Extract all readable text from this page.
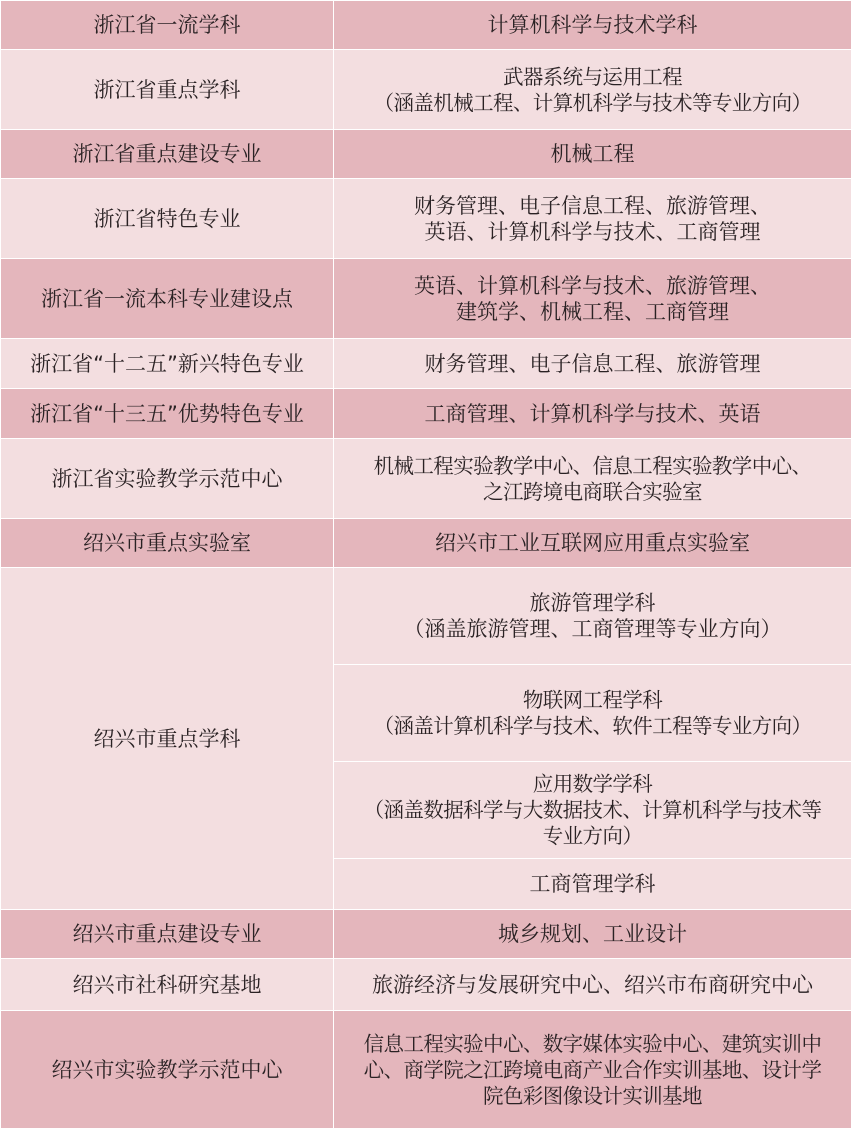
浙江省一流学科	计算机科学与技术学科

浙江省重点学科	武器系统与运用工程
（涵盖机械工程、计算机科学与技术等专业方向）

浙江省重点建设专业	机械工程

浙江省特色专业	财务管理、电子信息工程、旅游管理、
英语、计算机科学与技术、工商管理

浙江省一流本科专业建设点	英语、计算机科学与技术、旅游管理、
建筑学、机械工程、工商管理

浙江省“十二五”新兴特色专业	财务管理、电子信息工程、旅游管理

浙江省“十三五”优势特色专业	工商管理、计算机科学与技术、英语

浙江省实验教学示范中心	机械工程实验教学中心、信息工程实验教学中心、
之江跨境电商联合实验室

绍兴市重点实验室	绍兴市工业互联网应用重点实验室

绍兴市重点学科	旅游管理学科
（涵盖旅游管理、工商管理等专业方向）

	物联网工程学科
（涵盖计算机科学与技术、软件工程等专业方向）

	应用数学学科
（涵盖数据科学与大数据技术、计算机科学与技术等
专业方向）

	工商管理学科

绍兴市重点建设专业	城乡规划、工业设计

绍兴市社科研究基地	旅游经济与发展研究中心、绍兴市布商研究中心

绍兴市实验教学示范中心	信息工程实验中心、数字媒体实验中心、建筑实训中
心、商学院之江跨境电商产业合作实训基地、设计学
院色彩图像设计实训基地
